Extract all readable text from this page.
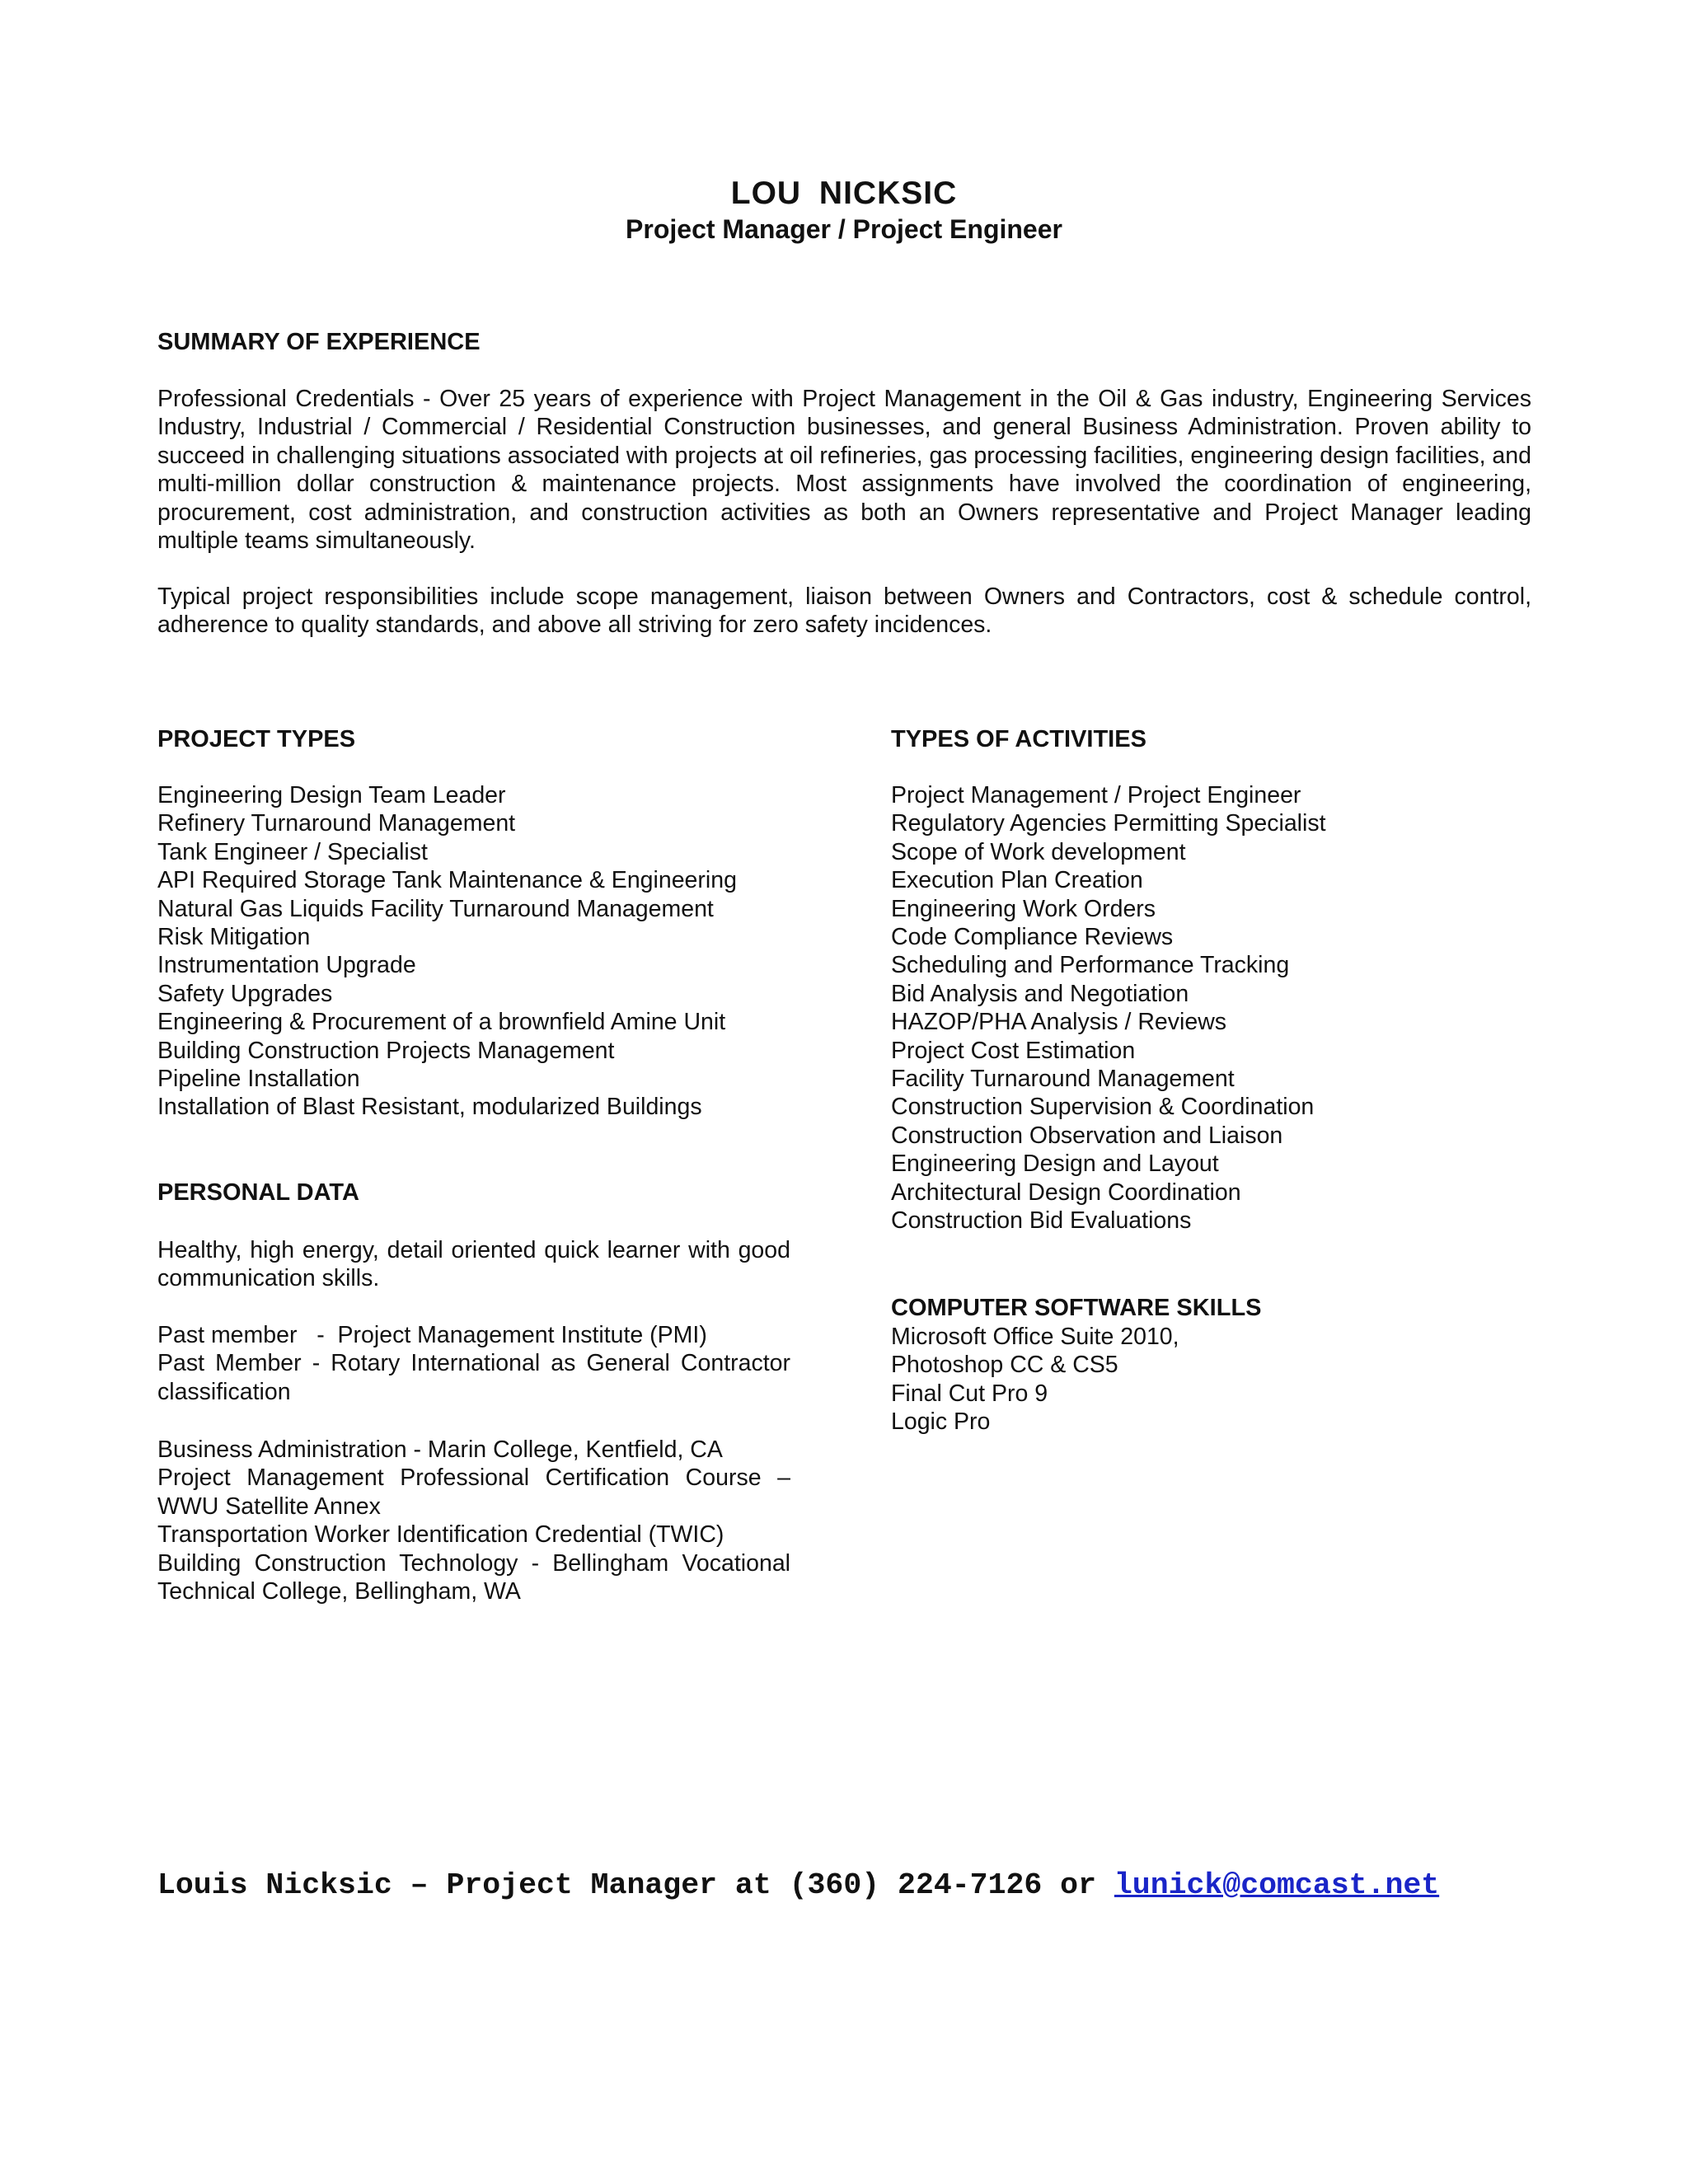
LOU NICKSIC
Project Manager / Project Engineer
SUMMARY OF EXPERIENCE

Professional Credentials - Over 25 years of experience with Project Management in the Oil & Gas industry, Engineering Services Industry, Industrial / Commercial / Residential Construction businesses, and general Business Administration. Proven ability to succeed in challenging situations associated with projects at oil refineries, gas processing facilities, engineering design facilities, and multi-million dollar construction & maintenance projects. Most assignments have involved the coordination of engineering, procurement, cost administration, and construction activities as both an Owners representative and Project Manager leading multiple teams simultaneously.

Typical project responsibilities include scope management, liaison between Owners and Contractors, cost & schedule control, adherence to quality standards, and above all striving for zero safety incidences.

PROJECT TYPES
Engineering Design Team Leader
Refinery Turnaround Management
Tank Engineer / Specialist
API Required Storage Tank Maintenance & Engineering
Natural Gas Liquids Facility Turnaround Management
Risk Mitigation
Instrumentation Upgrade
Safety Upgrades
Engineering & Procurement of a brownfield Amine Unit
Building Construction Projects Management
Pipeline Installation
Installation of Blast Resistant, modularized Buildings
PERSONAL DATA

Healthy, high energy, detail oriented quick learner with good communication skills.

Past member   -  Project Management Institute (PMI)
Past Member - Rotary International as General Contractor classification
Business Administration - Marin College, Kentfield, CA
Project Management Professional Certification Course – WWU Satellite Annex
Transportation Worker Identification Credential (TWIC)
Building Construction Technology - Bellingham Vocational Technical College, Bellingham, WA
TYPES OF ACTIVITIES
Project Management / Project Engineer
Regulatory Agencies Permitting Specialist
Scope of Work development
Execution Plan Creation
Engineering Work Orders
Code Compliance Reviews
Scheduling and Performance Tracking
Bid Analysis and Negotiation
HAZOP/PHA Analysis / Reviews
Project Cost Estimation
Facility Turnaround Management
Construction Supervision & Coordination
Construction Observation and Liaison
Engineering Design and Layout
Architectural Design Coordination
Construction Bid Evaluations
COMPUTER SOFTWARE SKILLS
Microsoft Office Suite 2010,
Photoshop CC & CS5
Final Cut Pro 9
Logic Pro
Louis Nicksic – Project Manager at (360) 224-7126 or lunick@comcast.net
